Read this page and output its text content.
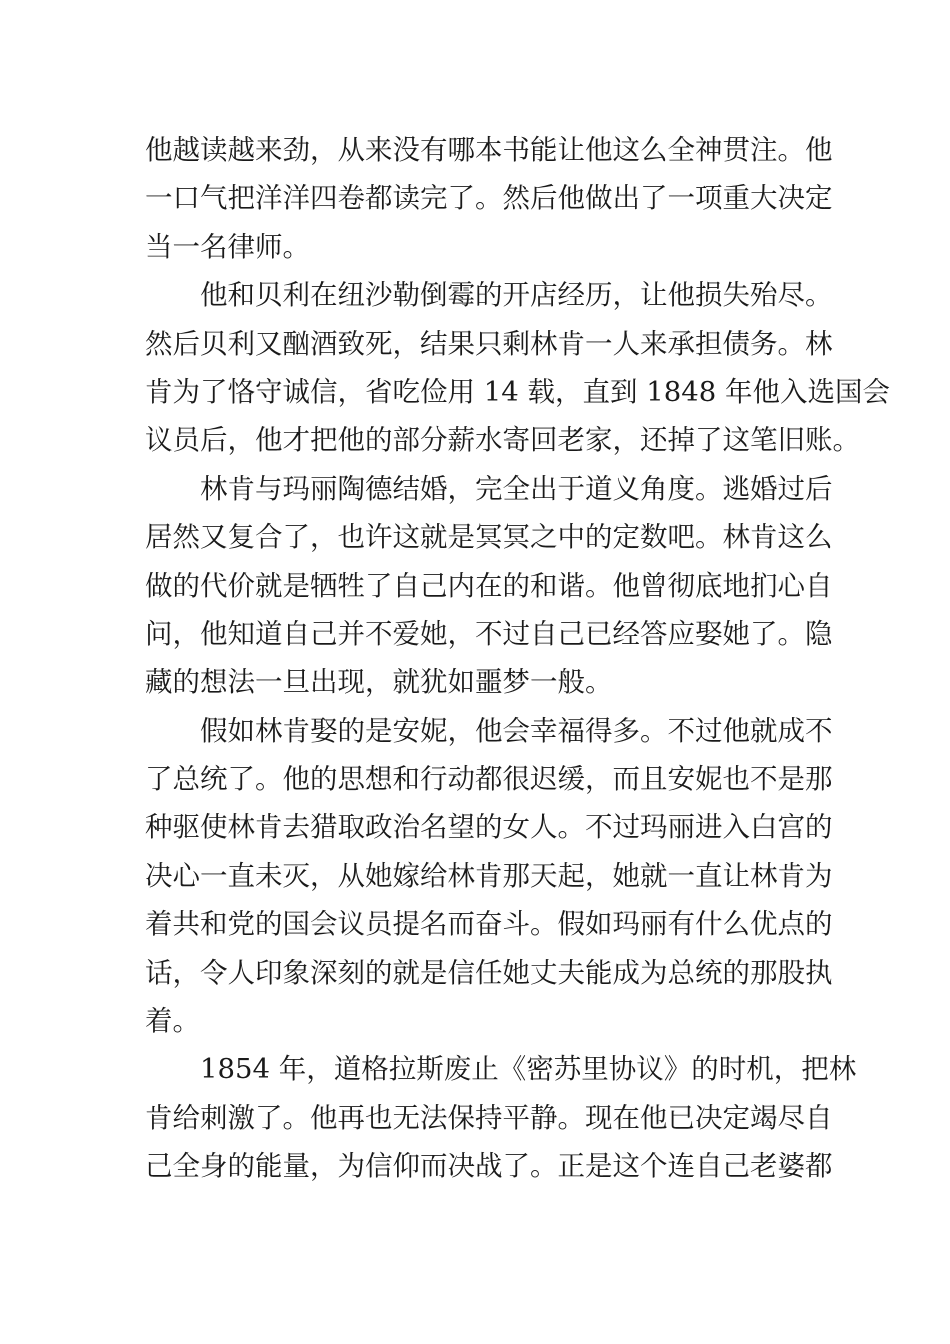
他越读越来劲，从来没有哪本书能让他这么全神贯注。他
一口气把洋洋四卷都读完了。然后他做出了一项重大决定
当一名律师。
他和贝利在纽沙勒倒霉的开店经历，让他损失殆尽。
然后贝利又酗酒致死，结果只剩林肯一人来承担债务。林
肯为了恪守诚信，省吃俭用 14 载，直到 1848 年他入选国会
议员后，他才把他的部分薪水寄回老家，还掉了这笔旧账。
林肯与玛丽陶德结婚，完全出于道义角度。逃婚过后
居然又复合了，也许这就是冥冥之中的定数吧。林肯这么
做的代价就是牺牲了自己内在的和谐。他曾彻底地扪心自
问，他知道自己并不爱她，不过自己已经答应娶她了。隐
藏的想法一旦出现，就犹如噩梦一般。
假如林肯娶的是安妮，他会幸福得多。不过他就成不
了总统了。他的思想和行动都很迟缓，而且安妮也不是那
种驱使林肯去猎取政治名望的女人。不过玛丽进入白宫的
决心一直未灭，从她嫁给林肯那天起，她就一直让林肯为
着共和党的国会议员提名而奋斗。假如玛丽有什么优点的
话，令人印象深刻的就是信任她丈夫能成为总统的那股执
着。
1854 年，道格拉斯废止《密苏里协议》的时机，把林
肯给刺激了。他再也无法保持平静。现在他已决定竭尽自
己全身的能量，为信仰而决战了。正是这个连自己老婆都
